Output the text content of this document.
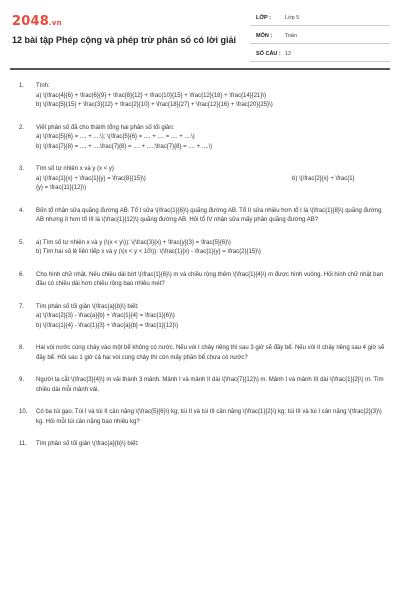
2048.vn
12 bài tập Phép cộng và phép trừ phân số có lời giải
LỚP :	Lớp 5
MÔN : Toán
SỐ CÂU : 12
1.	Tính:
a) \(\frac{4}{6} + \frac{6}{9} + \frac{8}{12} + \frac{10}{15} + \frac{12}{18} + \frac{14}{21}\)
b) \(\frac{5}{15} + \frac{3}{12} + \frac{2}{10} + \frac{18}{27} + \frac{12}{16} + \frac{20}{25}\)
2.	Viết phân số đã cho thành tổng hai phân số tối giản:
a) \(\frac{5}{6} = .... + ....\); \(\frac{5}{6} = .... + .... = .... + ....\)
b) \(\frac{7}{8} = .... + ....\frac{7}{8} = .... + ....;\frac{7}{8} = .... + ....\)
3.	Tìm số tự nhiên x và y (x < y)
a) \(\frac{1}{x} + \frac{1}{y} = \frac{8}{15}\)	b) \(\frac{2}{x} + \frac{1}
{y} = \frac{11}{12}\)
4.	Bốn tổ nhận sửa quãng đường AB. Tổ I sửa \(\frac{1}{6}\) quãng đường AB. Tổ II sửa nhiều hơn tổ I là \(\frac{1}{8}\) quãng đường AB nhưng ít hơn tổ III là \(\frac{1}{12}\) quãng đường AB. Hỏi tổ IV nhận sửa mấy phần quãng đường AB?
5.	a) Tìm số tự nhiên x và y (\(x < y\)): \(\frac{3}{x} + \frac{y}{3} = \frac{5}{6}\)
b) Tìm hai số lẻ liên tiếp x và y (\(x < y < 10\)): \(\frac{1}{x} - \frac{1}{y} = \frac{2}{15}\)
6.	Cho hình chữ nhật. Nếu chiều dài bớt \(\frac{1}{6}\) m và chiều rộng thêm \(\frac{1}{4}\) m được hình vuông. Hỏi hình chữ nhật ban đầu có chiều dài hơn chiều rộng bao nhiêu mét?
7.	Tìm phân số tối giản \(\frac{a}{b}\) biết:
a) \(\frac{2}{3} - \frac{a}{b} + \frac{1}{4} = \frac{1}{6}\)
b) \(\frac{1}{4} - \frac{1}{3} + \frac{a}{b} = \frac{1}{12}\)
8.	Hai vòi nước cùng chảy vào một bể không có nước. Nếu vòi I chảy riêng thì sau 3 giờ sẽ đầy bể. Nếu vòi II chảy riêng sau 4 giờ sẽ đầy bể. Hỏi sau 1 giờ cả hai vòi cùng chảy thì còn mấy phần bể chưa có nước?
9.	Người ta cắt \(\frac{3}{4}\) m vải thành 3 mảnh. Mảnh I và mảnh II dài \(\frac{7}{12}\) m. Mảnh I và mảnh III dài \(\frac{1}{2}\) m. Tìm chiều dài mỗi mảnh vải.
10.	Có ba túi gạo. Túi I và túi II cân nặng \(\frac{5}{6}\) kg; túi II và túi III cân nặng \(\frac{1}{2}\) kg; túi III và túi I cân nặng \(\frac{2}{3}\) kg. Hỏi mỗi túi cân nặng bao nhiêu kg?
11.	Tìm phân số tối giản \(\frac{a}{b}\) biết:
